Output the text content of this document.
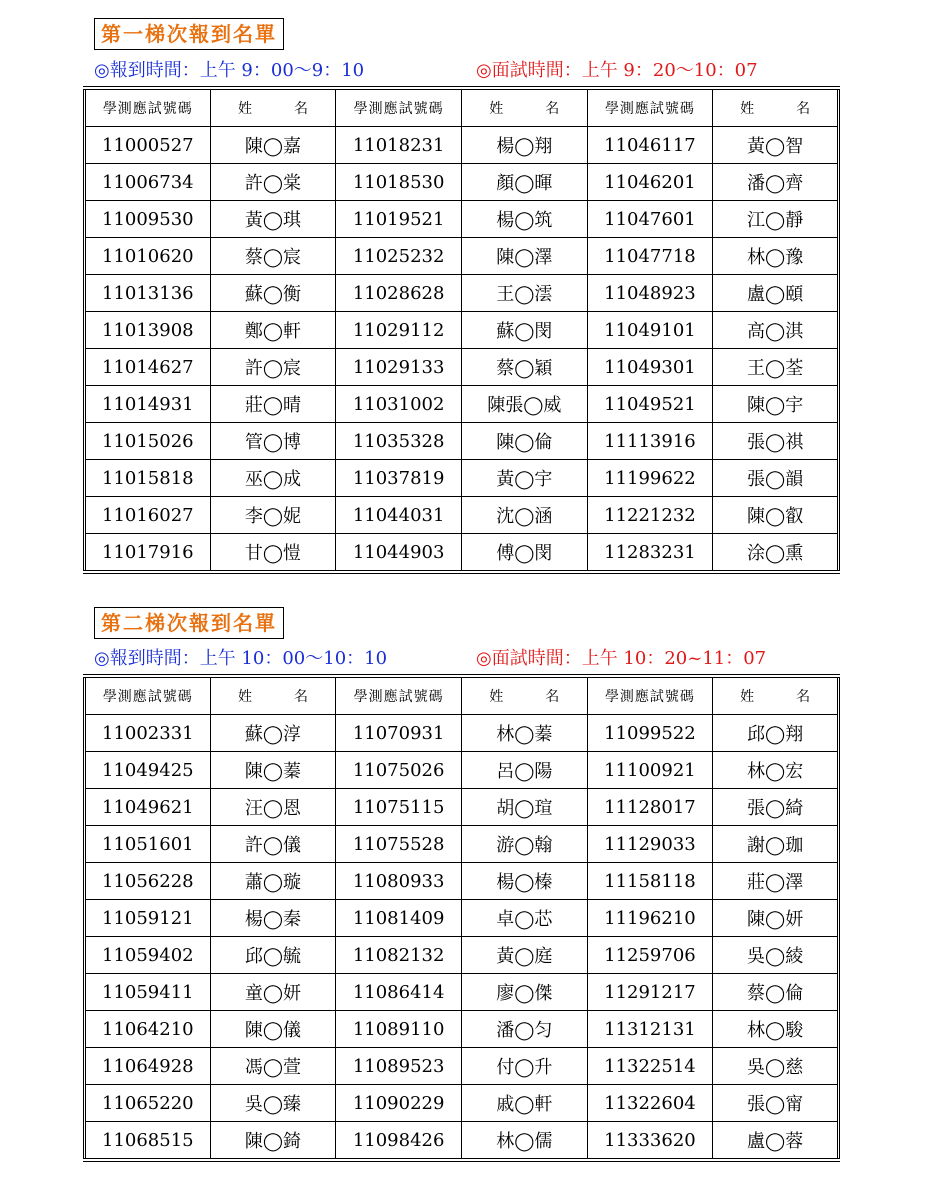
第一梯次報到名單
◎報到時間：上午 9：00～9：10	◎面試時間：上午 9：20～10：07
學測應試號碼	姓　名	學測應試號碼	姓　名	學測應試號碼	姓　名
11000527	陳◯嘉	11018231	楊◯翔	11046117	黃◯智
11006734	許◯棠	11018530	顏◯暉	11046201	潘◯齊
11009530	黃◯琪	11019521	楊◯筑	11047601	江◯靜
11010620	蔡◯宸	11025232	陳◯澤	11047718	林◯豫
11013136	蘇◯衡	11028628	王◯澐	11048923	盧◯頤
11013908	鄭◯軒	11029112	蘇◯閔	11049101	高◯淇
11014627	許◯宸	11029133	蔡◯穎	11049301	王◯荃
11014931	莊◯晴	11031002	陳張◯威	11049521	陳◯宇
11015026	管◯博	11035328	陳◯倫	11113916	張◯祺
11015818	巫◯成	11037819	黃◯宇	11199622	張◯韻
11016027	李◯妮	11044031	沈◯涵	11221232	陳◯叡
11017916	甘◯愷	11044903	傅◯閔	11283231	涂◯熏
第二梯次報到名單
◎報到時間：上午 10：00～10：10	◎面試時間：上午 10：20~11：07
學測應試號碼	姓　名	學測應試號碼	姓　名	學測應試號碼	姓　名
11002331	蘇◯淳	11070931	林◯蓁	11099522	邱◯翔
11049425	陳◯蓁	11075026	呂◯陽	11100921	林◯宏
11049621	汪◯恩	11075115	胡◯瑄	11128017	張◯綺
11051601	許◯儀	11075528	游◯翰	11129033	謝◯珈
11056228	蕭◯璇	11080933	楊◯榛	11158118	莊◯澤
11059121	楊◯秦	11081409	卓◯芯	11196210	陳◯妍
11059402	邱◯毓	11082132	黃◯庭	11259706	吳◯綾
11059411	童◯妍	11086414	廖◯傑	11291217	蔡◯倫
11064210	陳◯儀	11089110	潘◯匀	11312131	林◯駿
11064928	馮◯萱	11089523	付◯升	11322514	吳◯慈
11065220	吳◯臻	11090229	戚◯軒	11322604	張◯甯
11068515	陳◯錡	11098426	林◯儒	11333620	盧◯蓉
